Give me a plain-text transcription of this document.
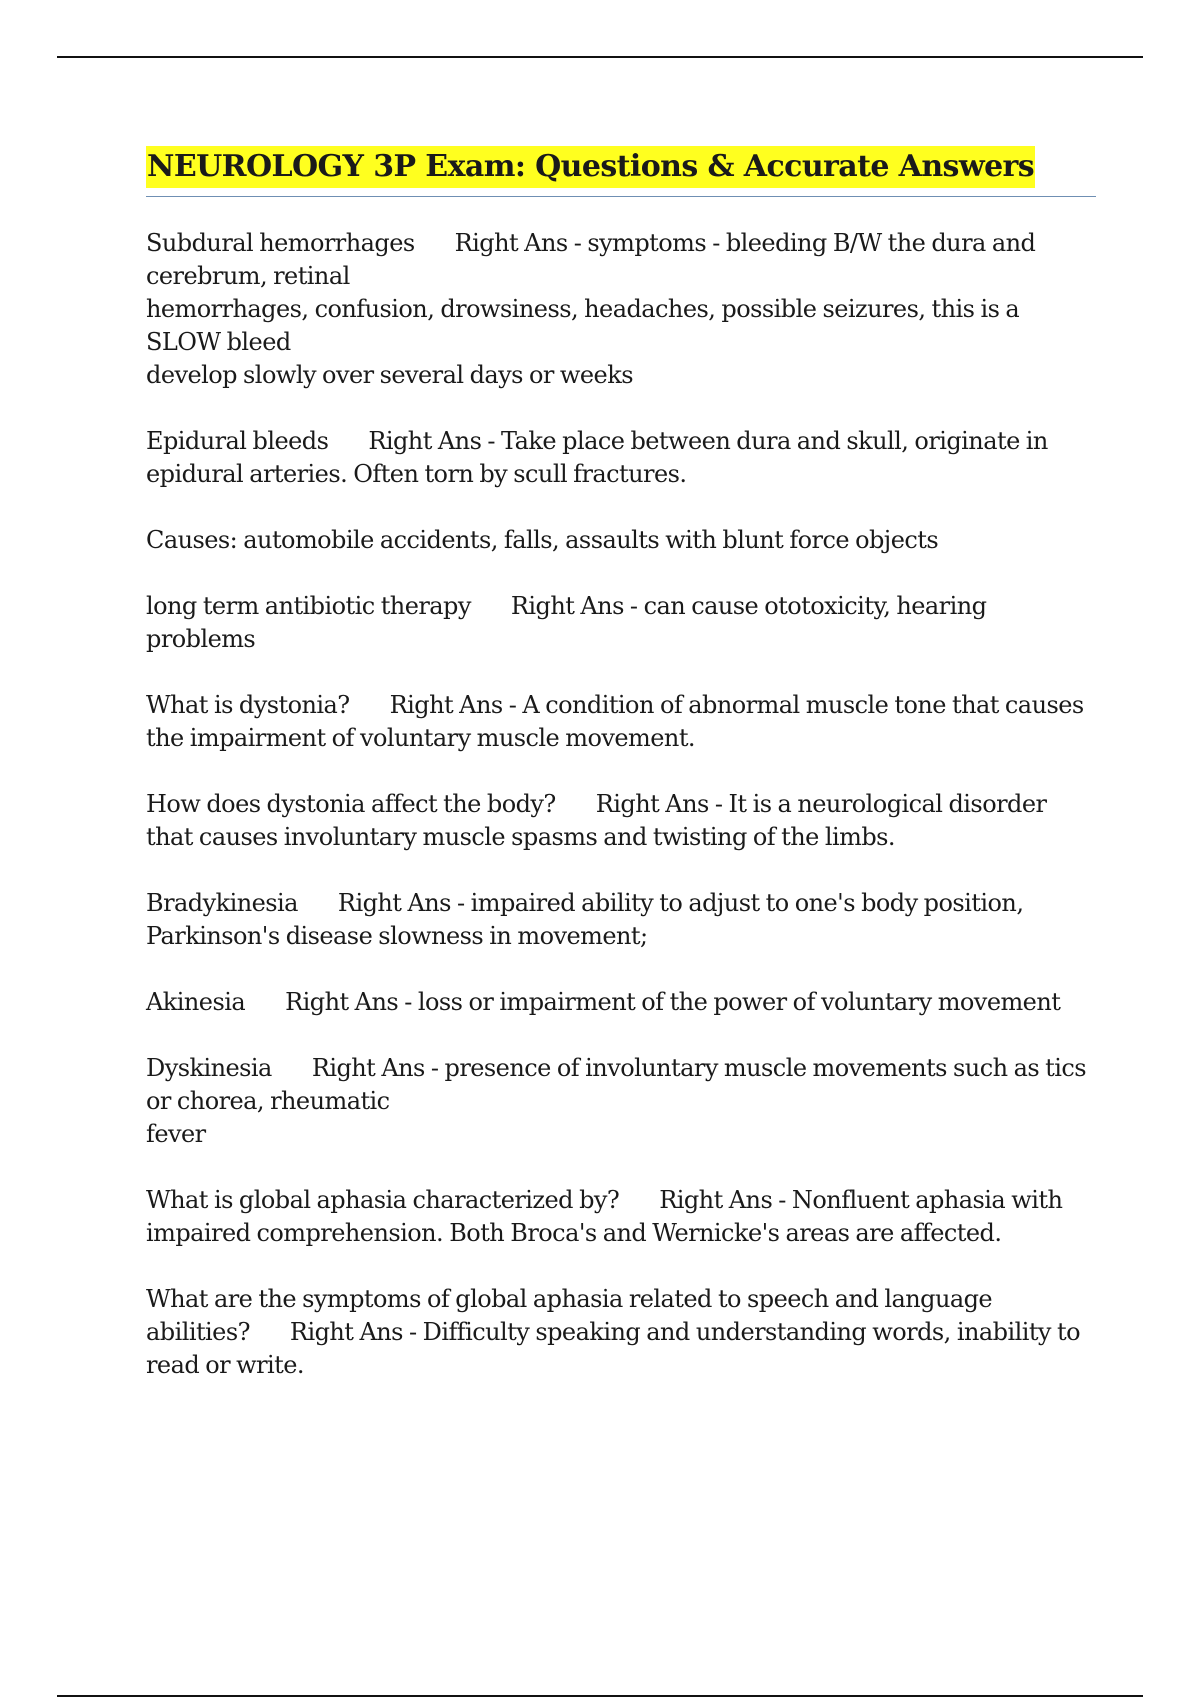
NEUROLOGY 3P Exam: Questions & Accurate Answers
Subdural hemorrhages Right Ans - symptoms - bleeding B/W the dura and cerebrum, retinal
hemorrhages, confusion, drowsiness, headaches, possible seizures, this is a SLOW bleed
develop slowly over several days or weeks
Epidural bleeds Right Ans - Take place between dura and skull, originate in epidural arteries. Often torn by scull fractures.
Causes: automobile accidents, falls, assaults with blunt force objects
long term antibiotic therapy Right Ans - can cause ototoxicity, hearing problems
What is dystonia? Right Ans - A condition of abnormal muscle tone that causes the impairment of voluntary muscle movement.
How does dystonia affect the body? Right Ans - It is a neurological disorder that causes involuntary muscle spasms and twisting of the limbs.
Bradykinesia Right Ans - impaired ability to adjust to one's body position, Parkinson's disease slowness in movement;
Akinesia Right Ans - loss or impairment of the power of voluntary movement
Dyskinesia Right Ans - presence of involuntary muscle movements such as tics or chorea, rheumatic
fever
What is global aphasia characterized by? Right Ans - Nonfluent aphasia with impaired comprehension. Both Broca's and Wernicke's areas are affected.
What are the symptoms of global aphasia related to speech and language abilities? Right Ans - Difficulty speaking and understanding words, inability to read or write.
